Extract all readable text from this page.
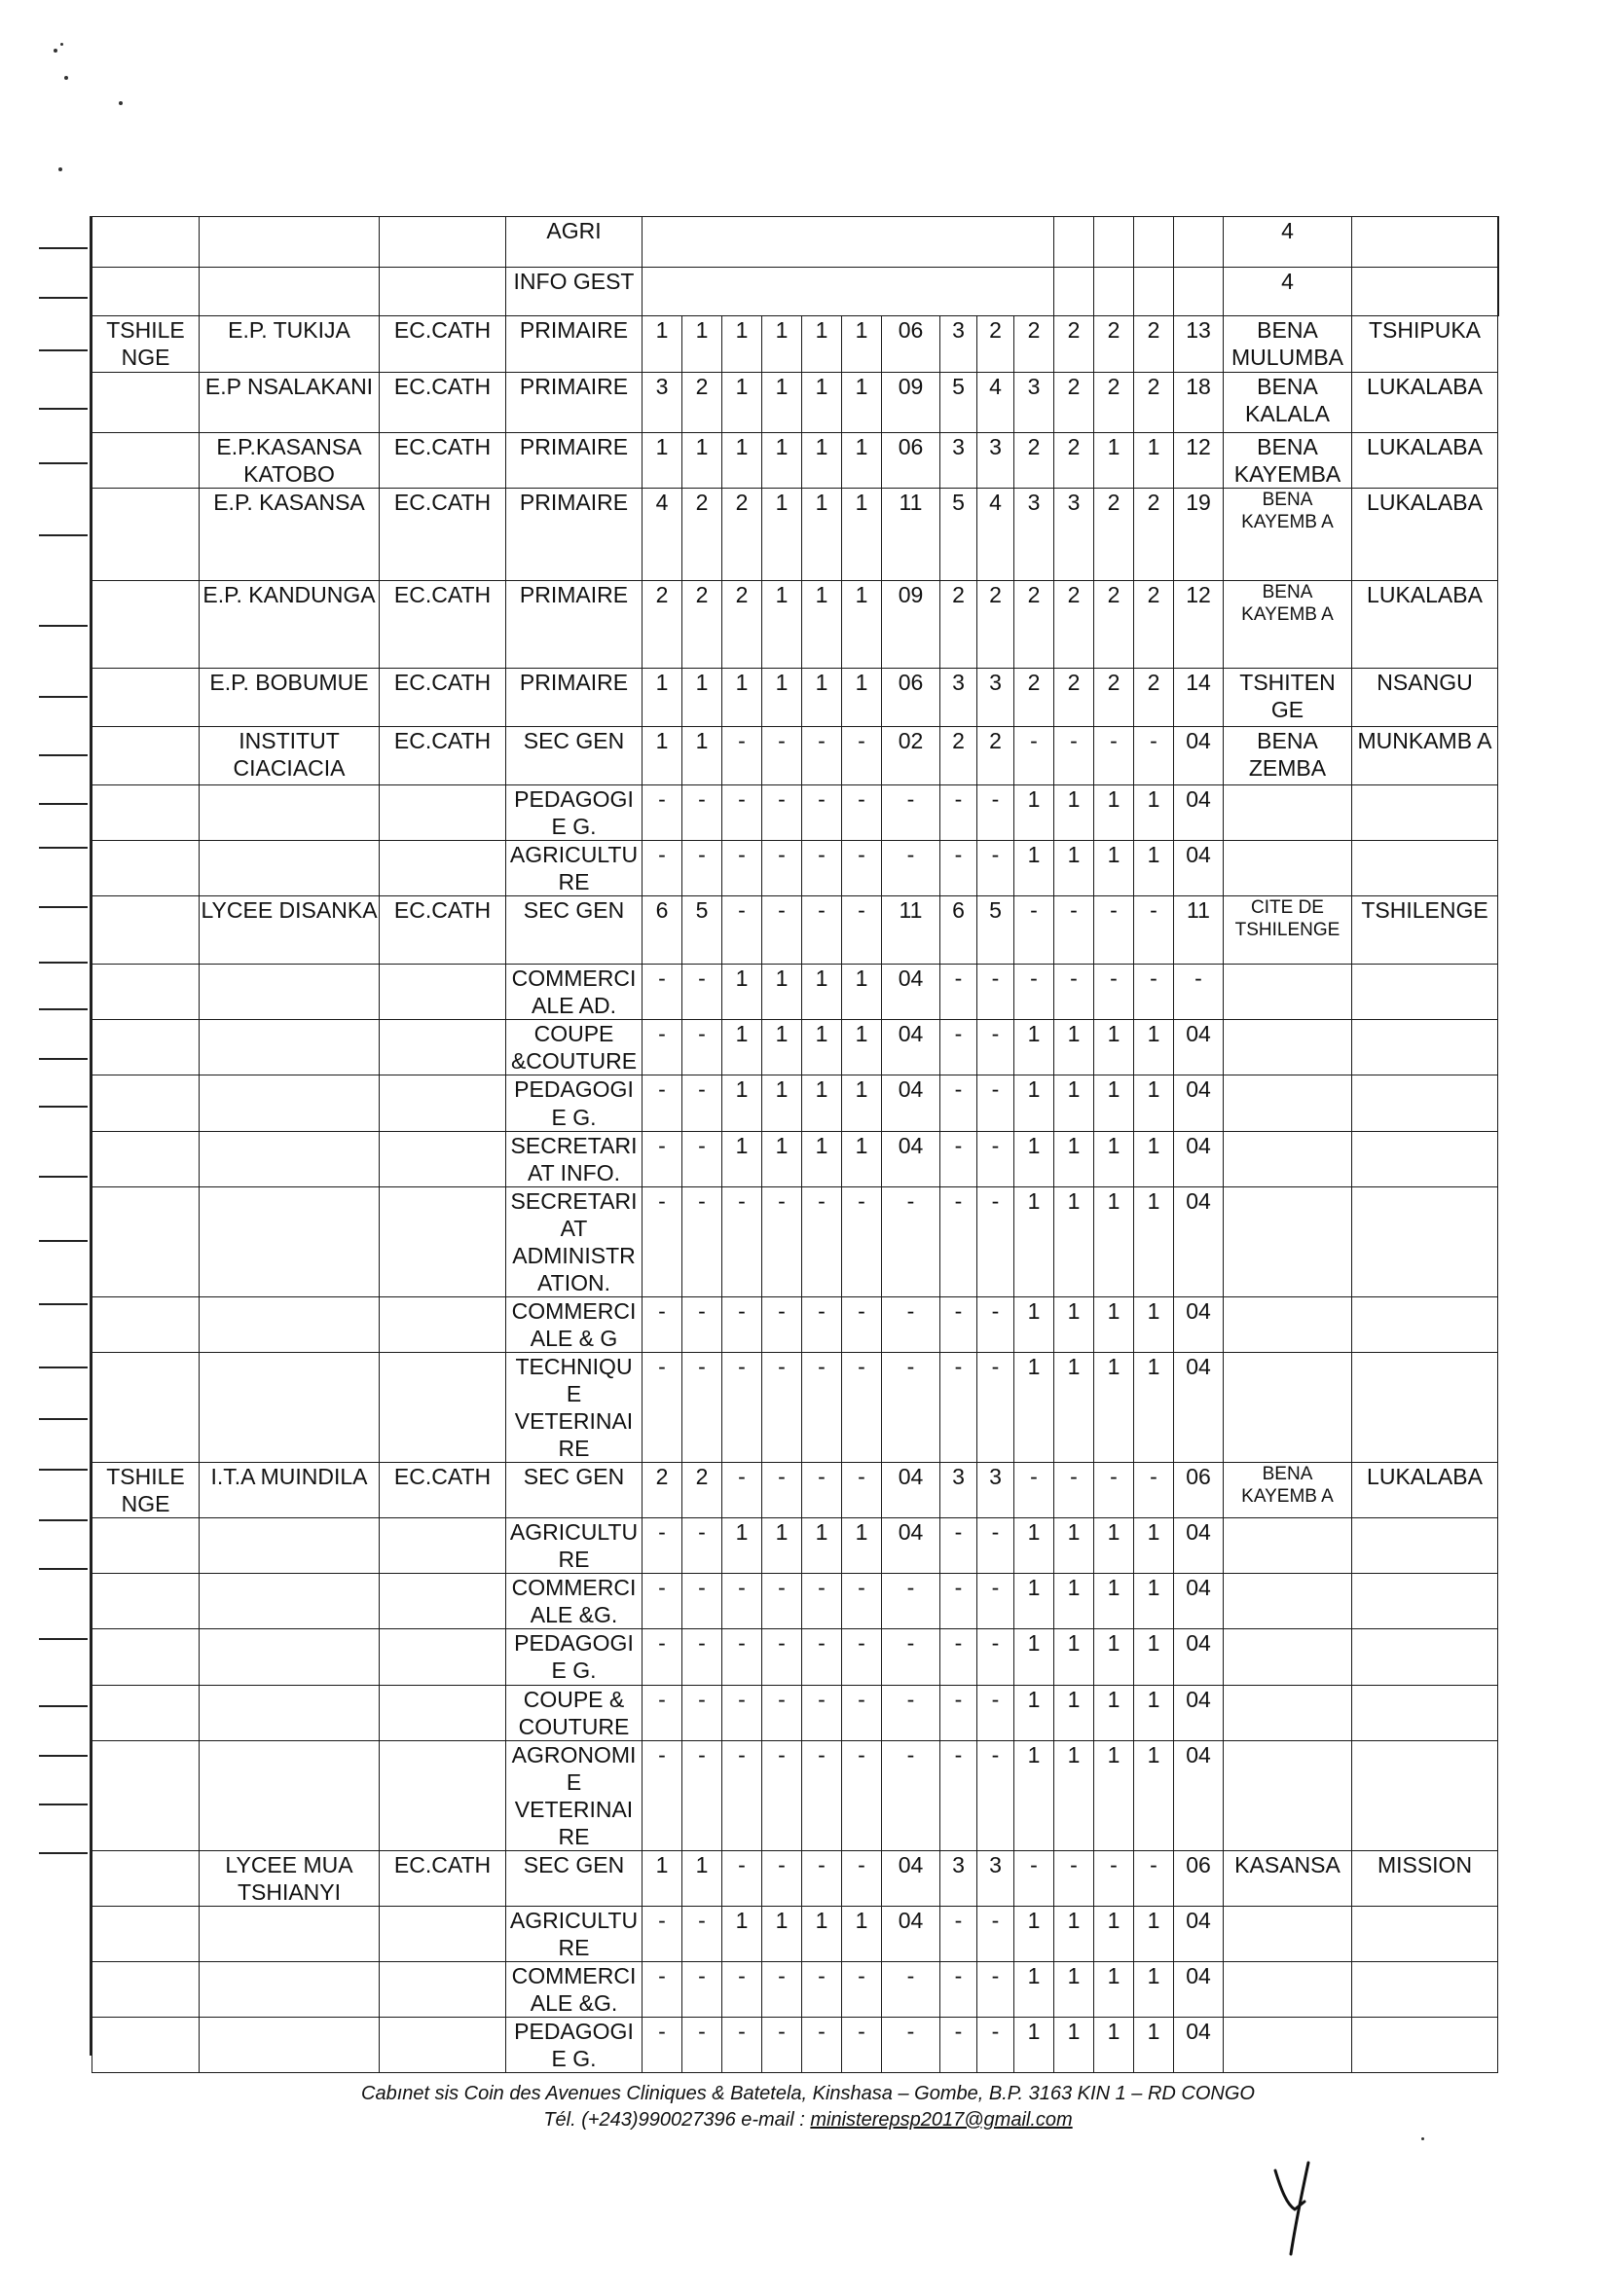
			AGRI															4		
			INFO GEST															4		
TSHILE NGE	E.P. TUKIJA	EC.CATH	PRIMAIRE	1	1	1	1	1	1	06	3	2	2	2	2	2	13	BENA MULUMBA	TSHIPUKA	
	E.P NSALAKANI	EC.CATH	PRIMAIRE	3	2	1	1	1	1	09	5	4	3	2	2	2	18	BENA KALALA	LUKALABA	
	E.P.KASANSA KATOBO	EC.CATH	PRIMAIRE	1	1	1	1	1	1	06	3	3	2	2	1	1	12	BENA KAYEMBA	LUKALABA	
	E.P. KASANSA	EC.CATH	PRIMAIRE	4	2	2	1	1	1	11	5	4	3	3	2	2	19	BENA KAYEMB A	LUKALABA	
	E.P. KANDUNGA	EC.CATH	PRIMAIRE	2	2	2	1	1	1	09	2	2	2	2	2	2	12	BENA KAYEMB A	LUKALABA	
	E.P. BOBUMUE	EC.CATH	PRIMAIRE	1	1	1	1	1	1	06	3	3	2	2	2	2	14	TSHITEN GE	NSANGU	
	INSTITUT CIACIACIA	EC.CATH	SEC GEN	1	1	-	-	-	-	02	2	2	-	-	-	-	04	BENA ZEMBA	MUNKAMB A	
			PEDAGOGI E G.	-	-	-	-	-	-	-	-	-	1	1	1	1	04			
			AGRICULTU RE	-	-	-	-	-	-	-	-	-	1	1	1	1	04			
	LYCEE DISANKA	EC.CATH	SEC GEN	6	5	-	-	-	-	11	6	5	-	-	-	-	11	CITE DE TSHILENGE	TSHILENGE	
			COMMERCI ALE AD.	-	-	1	1	1	1	04	-	-	-	-	-	-	-			
			COUPE &COUTURE	-	-	1	1	1	1	04	-	-	1	1	1	1	04			
			PEDAGOGI E G.	-	-	1	1	1	1	04	-	-	1	1	1	1	04			
			SECRETARI AT INFO.	-	-	1	1	1	1	04	-	-	1	1	1	1	04			
			SECRETARI AT ADMINISTR ATION.	-	-	-	-	-	-	-	-	-	1	1	1	1	04			
			COMMERCI ALE & G	-	-	-	-	-	-	-	-	-	1	1	1	1	04			
			TECHNIQU E VETERINAI RE	-	-	-	-	-	-	-	-	-	1	1	1	1	04			
TSHILE NGE	I.T.A MUINDILA	EC.CATH	SEC GEN	2	2	-	-	-	-	04	3	3	-	-	-	-	06	BENA KAYEMB A	LUKALABA	
			AGRICULTU RE	-	-	1	1	1	1	04	-	-	1	1	1	1	04			
			COMMERCI ALE &G.	-	-	-	-	-	-	-	-	-	1	1	1	1	04			
			PEDAGOGI E G.	-	-	-	-	-	-	-	-	-	1	1	1	1	04			
			COUPE & COUTURE	-	-	-	-	-	-	-	-	-	1	1	1	1	04			
			AGRONOMI E VETERINAI RE	-	-	-	-	-	-	-	-	-	1	1	1	1	04			
	LYCEE MUA TSHIANYI	EC.CATH	SEC GEN	1	1	-	-	-	-	04	3	3	-	-	-	-	06	KASANSA	MISSION	
			AGRICULTU RE	-	-	1	1	1	1	04	-	-	1	1	1	1	04			
			COMMERCI ALE &G.	-	-	-	-	-	-	-	-	-	1	1	1	1	04			
			PEDAGOGI E G.	-	-	-	-	-	-	-	-	-	1	1	1	1	04			
Cabınet sis Coin des Avenues Cliniques & Batetela, Kinshasa – Gombe, B.P. 3163 KIN 1 – RD CONGO
Tél. (+243)990027396 e-mail : ministerepsp2017@gmail.com
